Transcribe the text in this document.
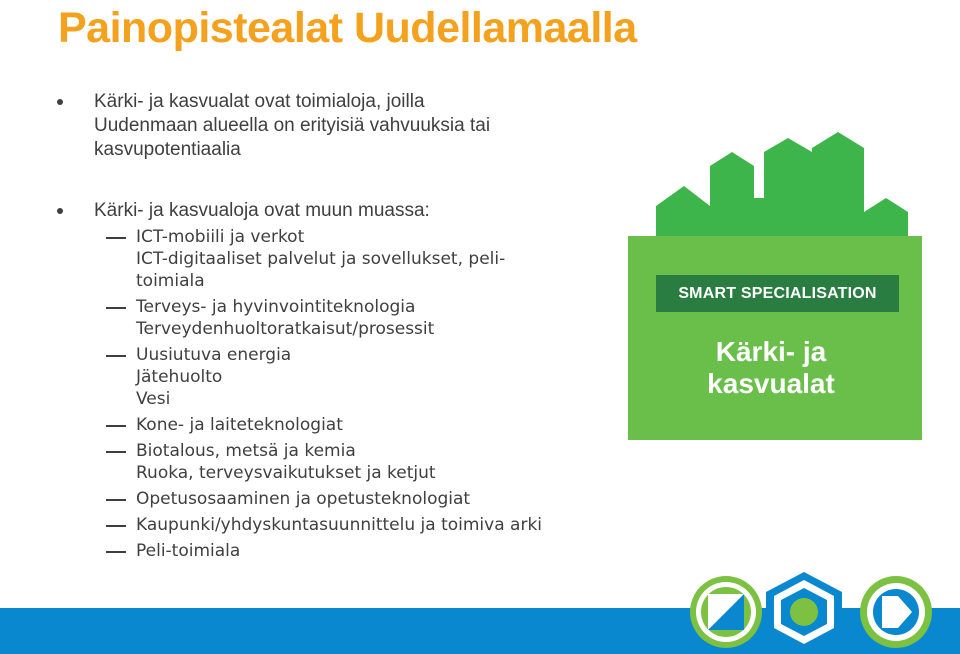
Painopistealat Uudellamaalla
Kärki- ja kasvualat ovat toimialoja, joilla
Uudenmaan alueella on erityisiä vahvuuksia tai
kasvupotentiaalia
Kärki- ja kasvualoja ovat muun muassa:
ICT-mobiili ja verkot
ICT-digitaaliset palvelut ja sovellukset, peli-
toimiala
Terveys- ja hyvinvointiteknologia
Terveydenhuoltoratkaisut/prosessit
Uusiutuva energia
Jätehuolto
Vesi
Kone- ja laiteteknologiat
Biotalous, metsä ja kemia
Ruoka, terveysvaikutukset ja ketjut
Opetusosaaminen ja opetusteknologiat
Kaupunki/yhdyskuntasuunnittelu ja toimiva arki
Peli-toimiala
SMART SPECIALISATION
Kärki- ja
kasvualat
